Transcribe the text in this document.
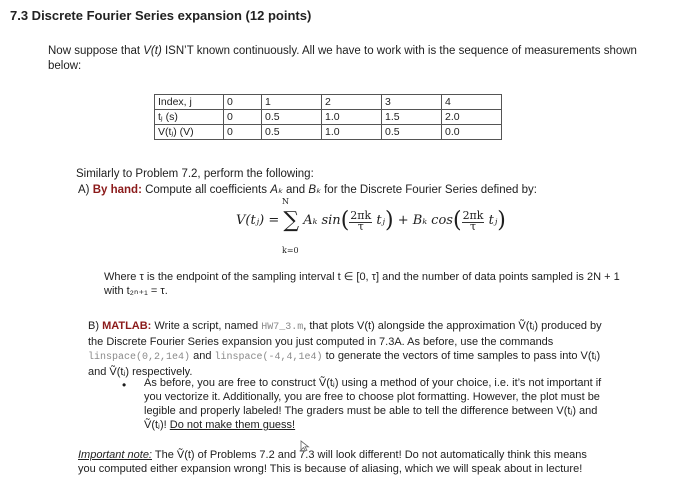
7.3 Discrete Fourier Series expansion (12 points)
Now suppose that V(t) ISN’T known continuously. All we have to work with is the sequence of measurements shown below:
Index, j	0	1	2	3	4
tⱼ (s)	0	0.5	1.0	1.5	2.0
V(tⱼ) (V)	0	0.5	1.0	0.5	0.0
Similarly to Problem 7.2, perform the following:
A) By hand: Compute all coefficients Aₖ and Bₖ for the Discrete Fourier Series defined by:
N
V(tⱼ) = ∑ Aₖ $\sin(\frac{2\pi k}{\tau}$ tⱼ) + Bₖ $\cos(\frac{2\pi k}{\tau}$ tⱼ)
k=0
Where τ is the endpoint of the sampling interval t ∈ [0, τ] and the number of data points sampled is 2N + 1
with t₂ₙ₊₁ = τ.
B) MATLAB: Write a script, named HW7_3.m, that plots V(t) alongside the approximation Ṽ(tⱼ) produced by the Discrete Fourier Series expansion you just computed in 7.3A. As before, use the commands linspace(0,2,1e4) and linspace(-4,4,1e4) to generate the vectors of time samples to pass into V(tⱼ) and Ṽ(tⱼ) respectively.
• As before, you are free to construct Ṽ(tⱼ) using a method of your choice, i.e. it’s not important if you vectorize it. Additionally, you are free to choose plot formatting. However, the plot must be legible and properly labeled! The graders must be able to tell the difference between V(tⱼ) and Ṽ(tⱼ)! Do not make them guess!
Important note: The Ṽ(t) of Problems 7.2 and 7.3 will look different! Do not automatically think this means you computed either expansion wrong! This is because of aliasing, which we will speak about in lecture!
